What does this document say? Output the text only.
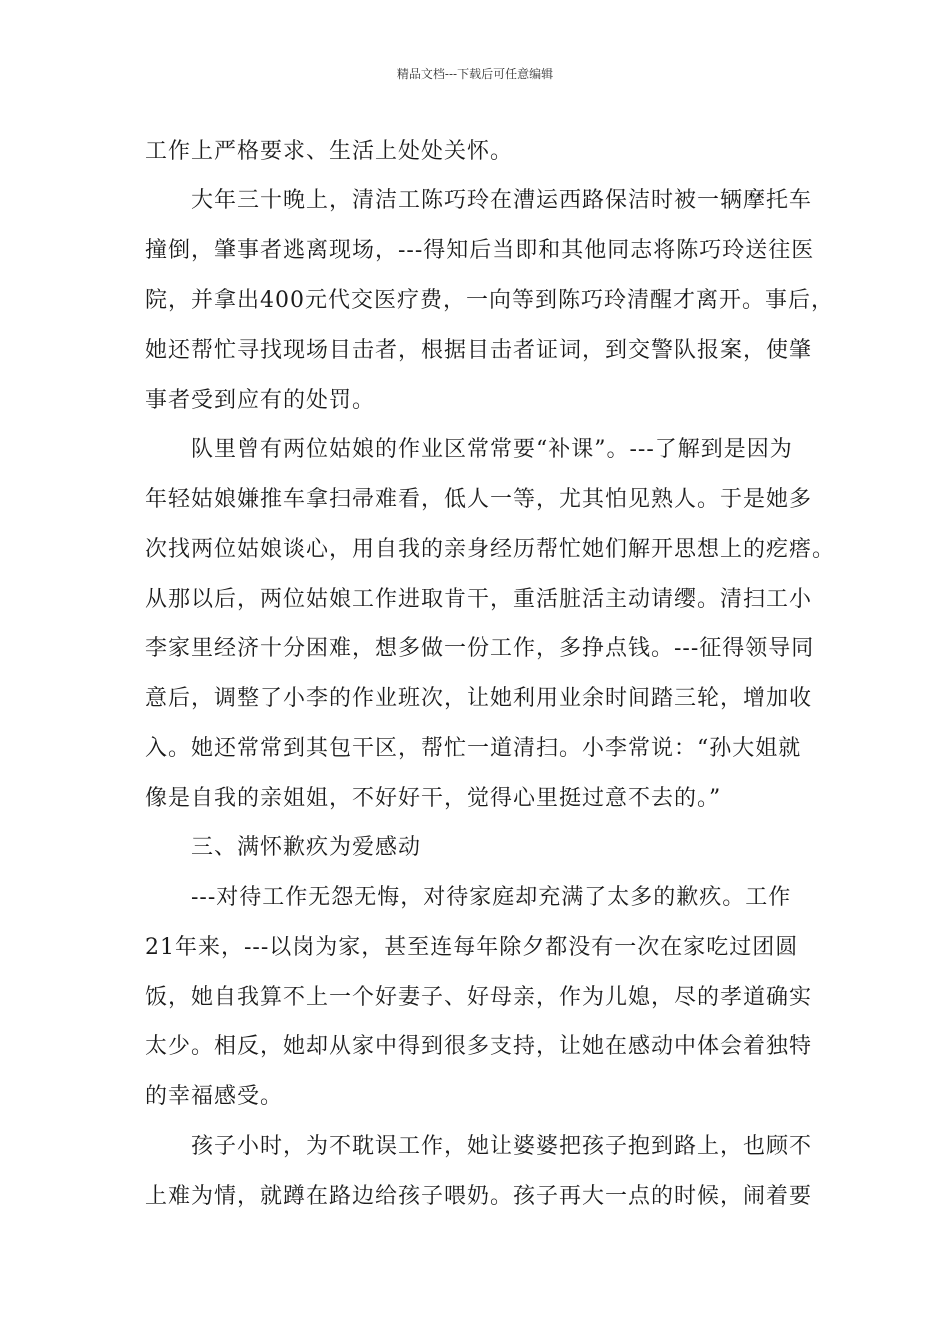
精品文档---下载后可任意编辑
工作上严格要求、生活上处处关怀。
　　大年三十晚上，清洁工陈巧玲在漕运西路保洁时被一辆摩托车
撞倒，肇事者逃离现场，---得知后当即和其他同志将陈巧玲送往医
院，并拿出400元代交医疗费，一向等到陈巧玲清醒才离开。事后，
她还帮忙寻找现场目击者，根据目击者证词，到交警队报案，使肇
事者受到应有的处罚。
　　队里曾有两位姑娘的作业区常常要“补课”。---了解到是因为
年轻姑娘嫌推车拿扫帚难看，低人一等，尤其怕见熟人。于是她多
次找两位姑娘谈心，用自我的亲身经历帮忙她们解开思想上的疙瘩。
从那以后，两位姑娘工作进取肯干，重活脏活主动请缨。清扫工小
李家里经济十分困难，想多做一份工作，多挣点钱。---征得领导同
意后，调整了小李的作业班次，让她利用业余时间踏三轮，增加收
入。她还常常到其包干区，帮忙一道清扫。小李常说：“孙大姐就
像是自我的亲姐姐，不好好干，觉得心里挺过意不去的。”
　　三、满怀歉疚为爱感动
　　---对待工作无怨无悔，对待家庭却充满了太多的歉疚。工作
21年来，---以岗为家，甚至连每年除夕都没有一次在家吃过团圆
饭，她自我算不上一个好妻子、好母亲，作为儿媳，尽的孝道确实
太少。相反，她却从家中得到很多支持，让她在感动中体会着独特
的幸福感受。
　　孩子小时，为不耽误工作，她让婆婆把孩子抱到路上，也顾不
上难为情，就蹲在路边给孩子喂奶。孩子再大一点的时候，闹着要
